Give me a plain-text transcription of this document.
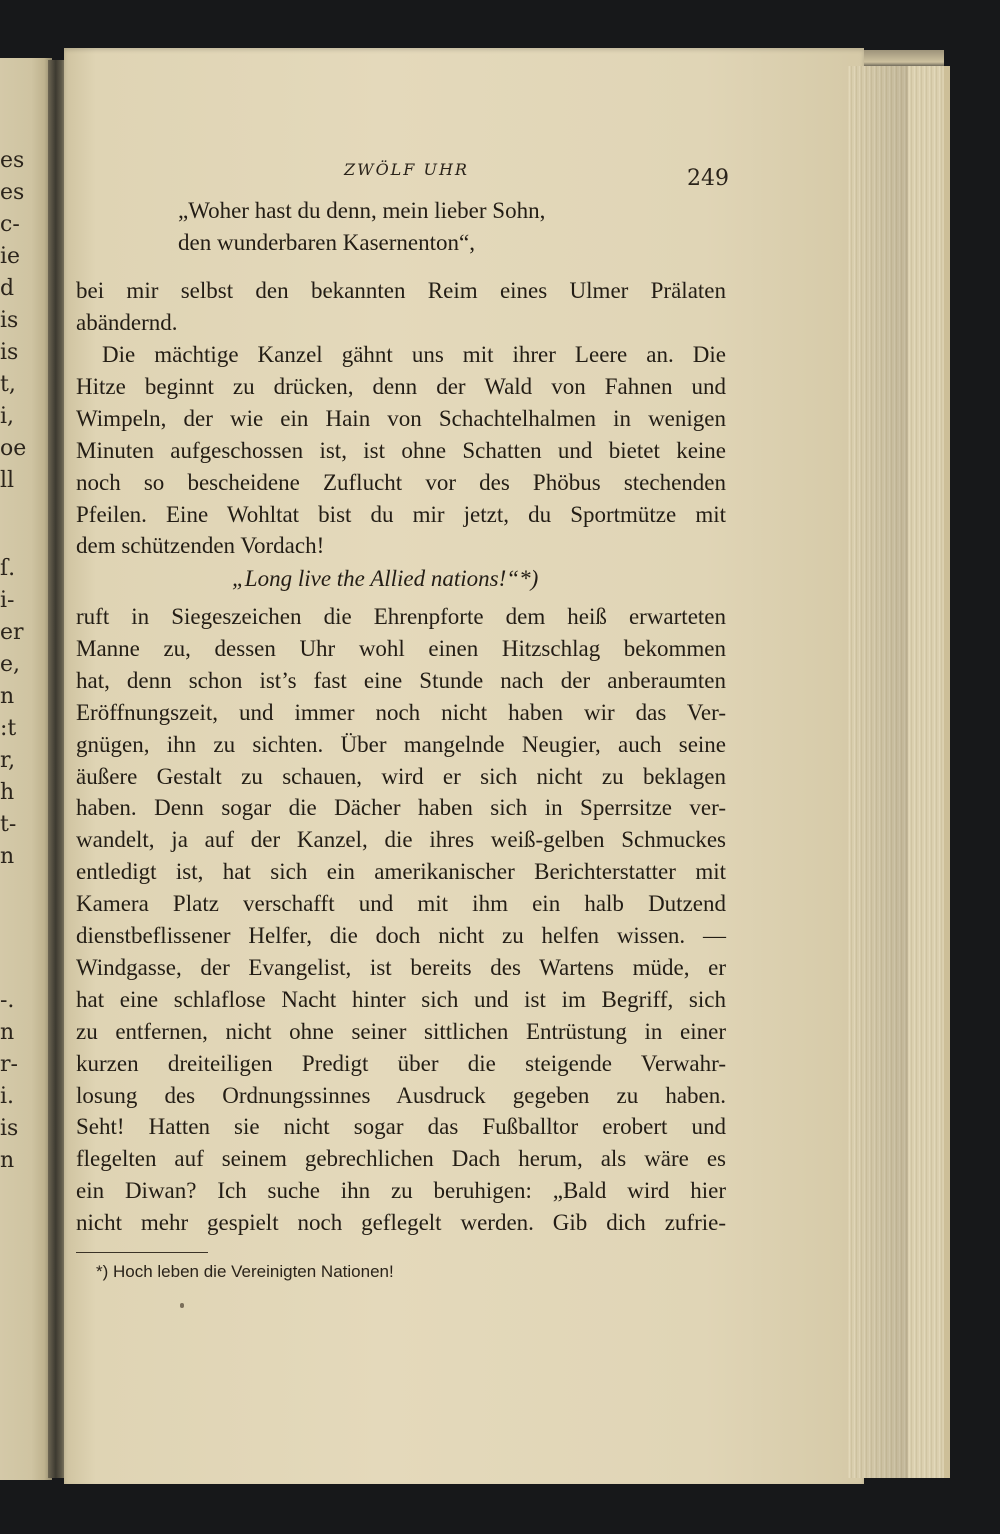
es
es
c-
ie
d
is
is
t,
i,
oe
ll
ſ.
i-
er
e,
n
:t
r,
h
t-
n
-.
n
r-
i.
is
n
ZWÖLF UHR	249
„Woher hast du denn, mein lieber Sohn,
den wunderbaren Kasernenton“,
bei mir selbst den bekannten Reim eines Ulmer Prälaten
abändernd.
Die mächtige Kanzel gähnt uns mit ihrer Leere an. Die
Hitze beginnt zu drücken, denn der Wald von Fahnen und
Wimpeln, der wie ein Hain von Schachtelhalmen in wenigen
Minuten aufgeschossen ist, ist ohne Schatten und bietet keine
noch so bescheidene Zuflucht vor des Phöbus stechenden
Pfeilen. Eine Wohltat bist du mir jetzt, du Sportmütze mit
dem schützenden Vordach!
ruft in Siegeszeichen die Ehrenpforte dem heiß erwarteten
Manne zu, dessen Uhr wohl einen Hitzschlag bekommen
hat, denn schon ist’s fast eine Stunde nach der anberaumten
Eröffnungszeit, und immer noch nicht haben wir das Ver-
gnügen, ihn zu sichten. Über mangelnde Neugier, auch seine
äußere Gestalt zu schauen, wird er sich nicht zu beklagen
haben. Denn sogar die Dächer haben sich in Sperrsitze ver-
wandelt, ja auf der Kanzel, die ihres weiß-gelben Schmuckes
entledigt ist, hat sich ein amerikanischer Berichterstatter mit
Kamera Platz verschafft und mit ihm ein halb Dutzend
dienstbeflissener Helfer, die doch nicht zu helfen wissen. —
Windgasse, der Evangelist, ist bereits des Wartens müde, er
hat eine schlaflose Nacht hinter sich und ist im Begriff, sich
zu entfernen, nicht ohne seiner sittlichen Entrüstung in einer
kurzen dreiteiligen Predigt über die steigende Verwahr-
losung des Ordnungssinnes Ausdruck gegeben zu haben.
Seht! Hatten sie nicht sogar das Fußballtor erobert und
flegelten auf seinem gebrechlichen Dach herum, als wäre es
ein Diwan? Ich suche ihn zu beruhigen: „Bald wird hier
nicht mehr gespielt noch geflegelt werden. Gib dich zufrie-
„Long live the Allied nations!“*)
*) Hoch leben die Vereinigten Nationen!
